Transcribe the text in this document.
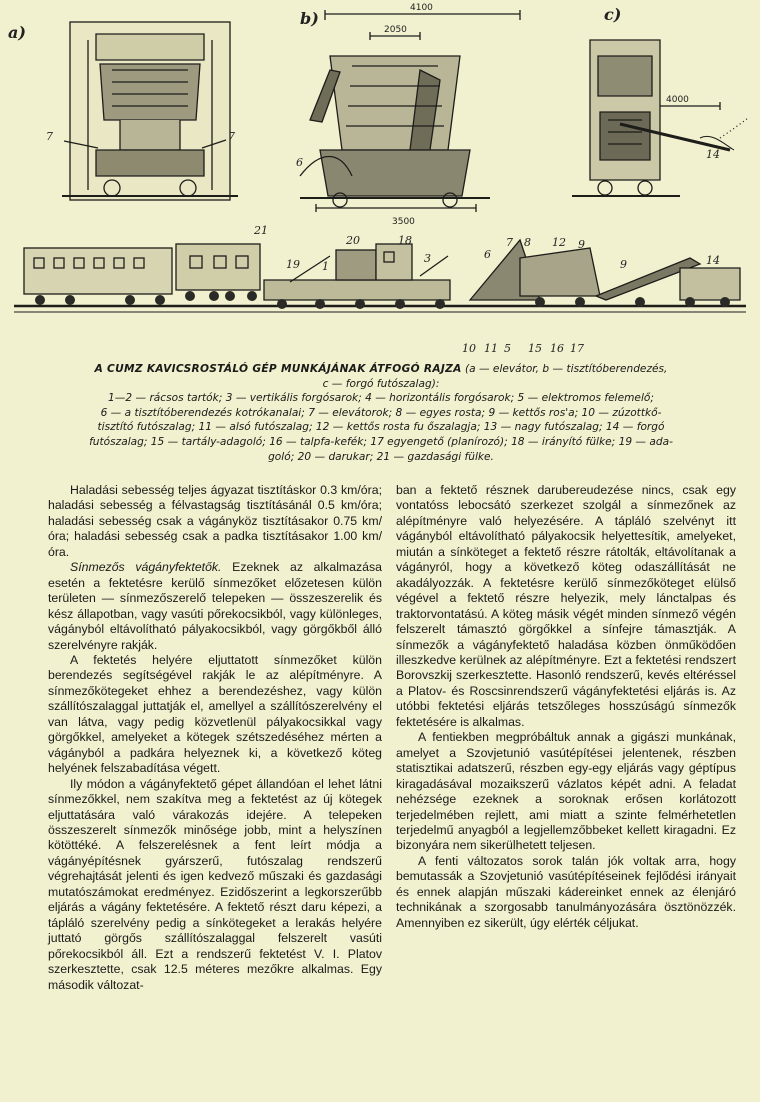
a)
b)	c)
4100
2050
3500
4000
7	7
6
14
21
20	18
19 1
3	6
7 8 12 9
14
9
10 11 5 15 16 17
A CUMZ KAVICSROSTÁLÓ GÉP MUNKÁJÁNAK ÁTFOGÓ RAJZA (a — elevátor, b — tisztítóberendezés,
c — forgó futószalag):
1—2 — rácsos tartók; 3 — vertikális forgósarok; 4 — horizontális forgósarok; 5 — elektromos felemelő;
6 — a tisztítóberendezés kotrókanalai; 7 — elevátorok; 8 — egyes rosta; 9 — kettős ros'a; 10 — zúzottkő-
tisztító futószalag; 11 — alsó futószalag; 12 — kettős rosta fu őszalagja; 13 — nagy futószalag; 14 — forgó
futószalag; 15 — tartály-adagoló; 16 — talpfa-kefék; 17 egyengető (planírozó); 18 — irányító fülke; 19 — ada-
goló; 20 — darukar; 21 — gazdasági fülke.

Haladási sebesség teljes ágyazat tisztításkor 0.3 km/óra; haladási sebesség a félvastagság tisztításánál 0.5 km/óra; haladási sebesség csak a vágányköz tisztításakor 0.75 km/óra; haladási sebesség csak a padka tisztításakor 1.00 km/óra.

Sínmezős vágányfektetők. Ezeknek az alkalmazása esetén a fektetésre kerülő sínmezőket előzetesen külön területen — sínmezőszerelő telepeken — összeszerelik és kész állapotban, vagy vasúti pőrekocsikból, vagy különleges, vágányból eltávolítható pályakocsikból, vagy görgőkből álló szerelvényre rakják.

A fektetés helyére eljuttatott sínmezőket külön berendezés segítségével rakják le az alépítményre. A sínmezőkötegeket ehhez a berendezéshez, vagy külön szállítószalaggal juttatják el, amellyel a szállítószerelvény el van látva, vagy pedig közvetlenül pályakocsikkal vagy görgőkkel, amelyeket a kötegek szétszedéséhez mérten a vágányból a padkára helyeznek ki, a következő köteg helyének felszabadítása végett.

Ily módon a vágányfektető gépet állandóan el lehet látni sínmezőkkel, nem szakítva meg a fektetést az új kötegek eljuttatására való várakozás idejére. A telepeken összeszerelt sínmezők minősége jobb, mint a helyszínen kötöttéké. A felszerelésnek a fent leírt módja a vágányépítésnek gyárszerű, futószalag rendszerű végrehajtását jelenti és igen kedvező műszaki és gazdasági mutatószámokat eredményez. Ezidőszerint a legkorszerűbb eljárás a vágány fektetésére. A fektető részt daru képezi, a tápláló szerelvény pedig a sínkötegeket a lerakás helyére juttató görgős szállítószalaggal felszerelt vasúti pőrekocsikból áll. Ezt a rendszerű fektetést V. I. Platov szerkesztette, csak 12.5 méteres mezőkre alkalmas. Egy második változat-

ban a fektető résznek darubereudezése nincs, csak egy vontatóss lebocsátó szerkezet szolgál a sínmezőnek az alépítményre való helyezésére. A tápláló szelvényt itt vágányból eltávolítható pályakocsik helyettesítik, amelyeket, miután a sínköteget a fektető részre rátolták, eltávolítanak a vágányról, hogy a következő köteg odaszállítását ne akadályozzák. A fektetésre kerülő sínmezőköteget elülső végével a fektető részre helyezik, mely lánctalpas és traktorvontatású. A köteg másik végét minden sínmező végén felszerelt támasztó görgőkkel a sínfejre támasztják. A sínmezők a vágányfektető haladása közben önműködően illeszkedve kerülnek az alépítményre. Ezt a fektetési rendszert Borovszkij szerkesztette. Hasonló rendszerű, kevés eltéréssel a Platov- és Roscsinrendszerű vágányfektetési eljárás is. Az utóbbi fektetési eljárás tetszőleges hosszúságú sínmezők fektetésére is alkalmas.

A fentiekben megpróbáltuk annak a gigászi munkának, amelyet a Szovjetunió vasútépítései jelentenek, részben statisztikai adatszerű, részben egy-egy eljárás vagy géptípus kiragadásával mozaikszerű vázlatos képét adni. A feladat nehézsége ezeknek a soroknak erősen korlátozott terjedelmében rejlett, ami miatt a szinte felmérhetetlen terjedelmű anyagból a legjellemzőbbeket kellett kiragadni. Ez bizonyára nem sikerülhetett teljesen.

A fenti változatos sorok talán jók voltak arra, hogy bemutassák a Szovjetunió vasútépítéseinek fejlődési irányait és ennek alapján műszaki kádereinket ennek az élenjáró technikának a szorgosabb tanulmányozására ösztönözzék. Amennyiben ez sikerült, úgy elérték céljukat.
